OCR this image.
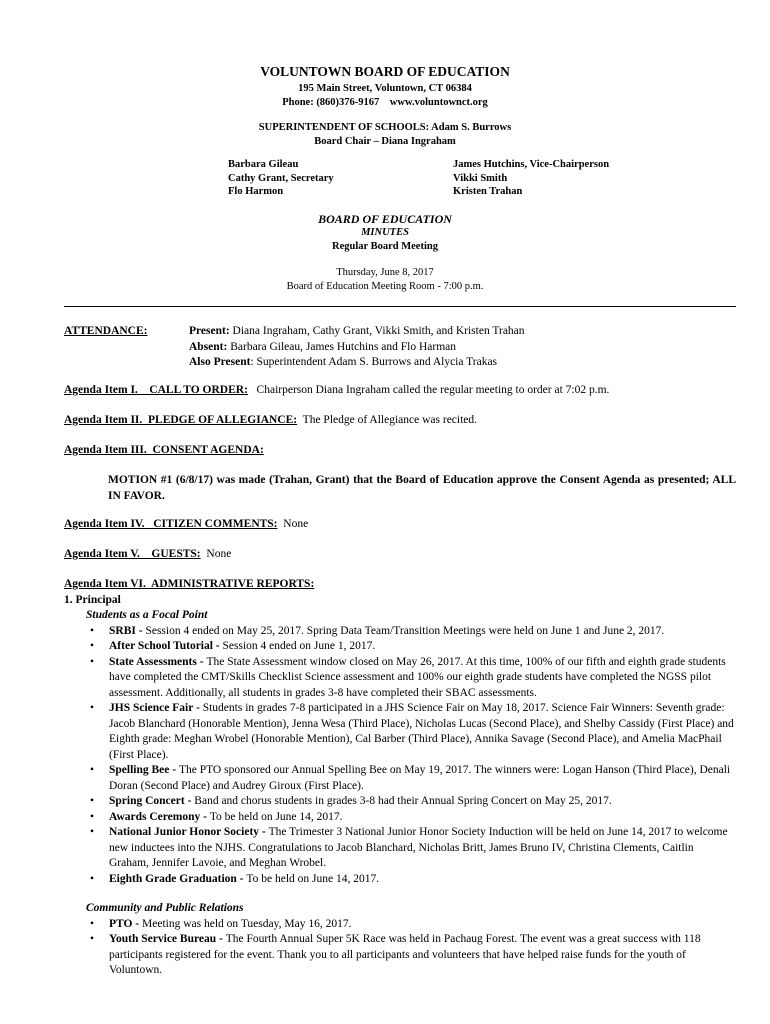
VOLUNTOWN BOARD OF EDUCATION
195 Main Street, Voluntown, CT 06384
Phone: (860)376-9167    www.voluntownct.org
SUPERINTENDENT OF SCHOOLS: Adam S. Burrows
Board Chair – Diana Ingraham
Barbara Gileau
Cathy Grant, Secretary
Flo Harmon
James Hutchins, Vice-Chairperson
Vikki Smith
Kristen Trahan
BOARD OF EDUCATION
MINUTES
Regular Board Meeting
Thursday, June 8, 2017
Board of Education Meeting Room - 7:00 p.m.
ATTENDANCE:	Present: Diana Ingraham, Cathy Grant, Vikki Smith, and Kristen Trahan
Absent: Barbara Gileau, James Hutchins and Flo Harman
Also Present: Superintendent Adam S. Burrows and Alycia Trakas
Agenda Item I.    CALL TO ORDER: Chairperson Diana Ingraham called the regular meeting to order at 7:02 p.m.
Agenda Item II.  PLEDGE OF ALLEGIANCE: The Pledge of Allegiance was recited.
Agenda Item III.  CONSENT AGENDA:
MOTION #1 (6/8/17) was made (Trahan, Grant) that the Board of Education approve the Consent Agenda as presented; ALL IN FAVOR.
Agenda Item IV.   CITIZEN COMMENTS: None
Agenda Item V.    GUESTS: None
Agenda Item VI.  ADMINISTRATIVE REPORTS:
1. Principal
Students as a Focal Point
• SRBI - Session 4 ended on May 25, 2017. Spring Data Team/Transition Meetings were held on June 1 and June 2, 2017.
• After School Tutorial - Session 4 ended on June 1, 2017.
• State Assessments - The State Assessment window closed on May 26, 2017. At this time, 100% of our fifth and eighth grade students have completed the CMT/Skills Checklist Science assessment and 100% our eighth grade students have completed the NGSS pilot assessment. Additionally, all students in grades 3-8 have completed their SBAC assessments.
• JHS Science Fair - Students in grades 7-8 participated in a JHS Science Fair on May 18, 2017. Science Fair Winners: Seventh grade: Jacob Blanchard (Honorable Mention), Jenna Wesa (Third Place), Nicholas Lucas (Second Place), and Shelby Cassidy (First Place) and Eighth grade: Meghan Wrobel (Honorable Mention), Cal Barber (Third Place), Annika Savage (Second Place), and Amelia MacPhail (First Place).
• Spelling Bee - The PTO sponsored our Annual Spelling Bee on May 19, 2017. The winners were: Logan Hanson (Third Place), Denali Doran (Second Place) and Audrey Giroux (First Place).
• Spring Concert - Band and chorus students in grades 3-8 had their Annual Spring Concert on May 25, 2017.
• Awards Ceremony - To be held on June 14, 2017.
• National Junior Honor Society - The Trimester 3 National Junior Honor Society Induction will be held on June 14, 2017 to welcome new inductees into the NJHS. Congratulations to Jacob Blanchard, Nicholas Britt, James Bruno IV, Christina Clements, Caitlin Graham, Jennifer Lavoie, and Meghan Wrobel.
• Eighth Grade Graduation - To be held on June 14, 2017.
Community and Public Relations
• PTO - Meeting was held on Tuesday, May 16, 2017.
• Youth Service Bureau - The Fourth Annual Super 5K Race was held in Pachaug Forest. The event was a great success with 118 participants registered for the event. Thank you to all participants and volunteers that have helped raise funds for the youth of Voluntown.
